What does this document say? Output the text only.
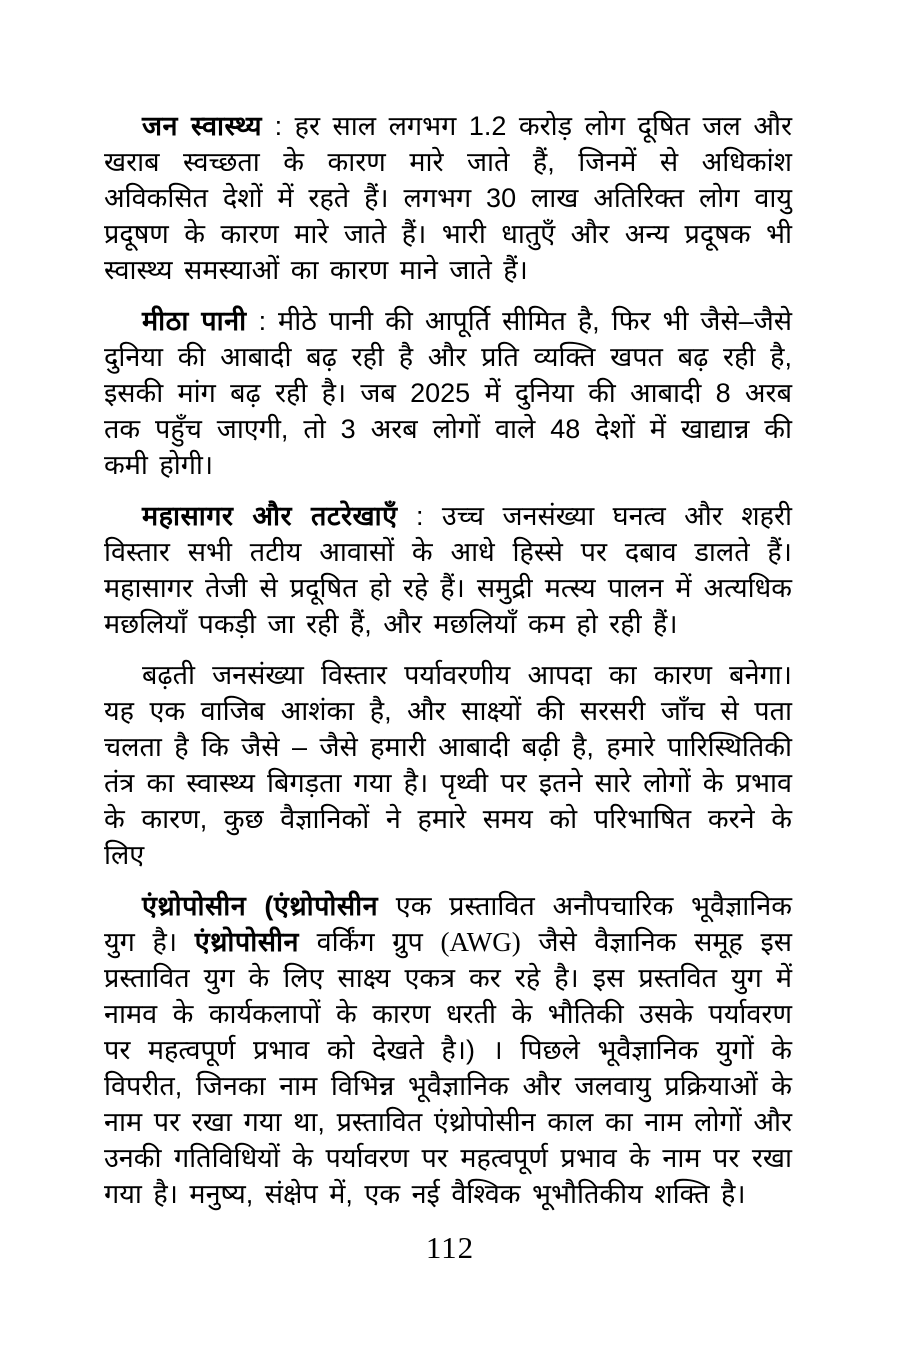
जन स्वास्थ्य : हर साल लगभग 1.2 करोड़ लोग दूषित जल और खराब स्वच्छता के कारण मारे जाते हैं, जिनमें से अधिकांश अविकसित देशों में रहते हैं। लगभग 30 लाख अतिरिक्त लोग वायु प्रदूषण के कारण मारे जाते हैं। भारी धातुएँ और अन्य प्रदूषक भी स्वास्थ्य समस्याओं का कारण माने जाते हैं।

मीठा पानी : मीठे पानी की आपूर्ति सीमित है, फिर भी जैसे–जैसे दुनिया की आबादी बढ़ रही है और प्रति व्यक्ति खपत बढ़ रही है, इसकी मांग बढ़ रही है। जब 2025 में दुनिया की आबादी 8 अरब तक पहुँच जाएगी, तो 3 अरब लोगों वाले 48 देशों में खाद्यान्न की कमी होगी।

महासागर और तटरेखाएँ : उच्च जनसंख्या घनत्व और शहरी विस्तार सभी तटीय आवासों के आधे हिस्से पर दबाव डालते हैं। महासागर तेजी से प्रदूषित हो रहे हैं। समुद्री मत्स्य पालन में अत्यधिक मछलियाँ पकड़ी जा रही हैं, और मछलियाँ कम हो रही हैं।

बढ़ती जनसंख्या विस्तार पर्यावरणीय आपदा का कारण बनेगा। यह एक वाजिब आशंका है, और साक्ष्यों की सरसरी जाँच से पता चलता है कि जैसे – जैसे हमारी आबादी बढ़ी है, हमारे पारिस्थितिकी तंत्र का स्वास्थ्य बिगड़ता गया है। पृथ्वी पर इतने सारे लोगों के प्रभाव के कारण, कुछ वैज्ञानिकों ने हमारे समय को परिभाषित करने के लिए

एंथ्रोपोसीन (एंथ्रोपोसीन एक प्रस्तावित अनौपचारिक भूवैज्ञानिक युग है। एंथ्रोपोसीन वर्किंग ग्रुप (AWG) जैसे वैज्ञानिक समूह इस प्रस्तावित युग के लिए साक्ष्य एकत्र कर रहे है। इस प्रस्तवित युग में नामव के कार्यकलापों के कारण धरती के भौतिकी उसके पर्यावरण पर महत्वपूर्ण प्रभाव को देखते है।) । पिछले भूवैज्ञानिक युगों के विपरीत, जिनका नाम विभिन्न भूवैज्ञानिक और जलवायु प्रक्रियाओं के नाम पर रखा गया था, प्रस्तावित एंथ्रोपोसीन काल का नाम लोगों और उनकी गतिविधियों के पर्यावरण पर महत्वपूर्ण प्रभाव के नाम पर रखा गया है। मनुष्य, संक्षेप में, एक नई वैश्विक भूभौतिकीय शक्ति है।

112
